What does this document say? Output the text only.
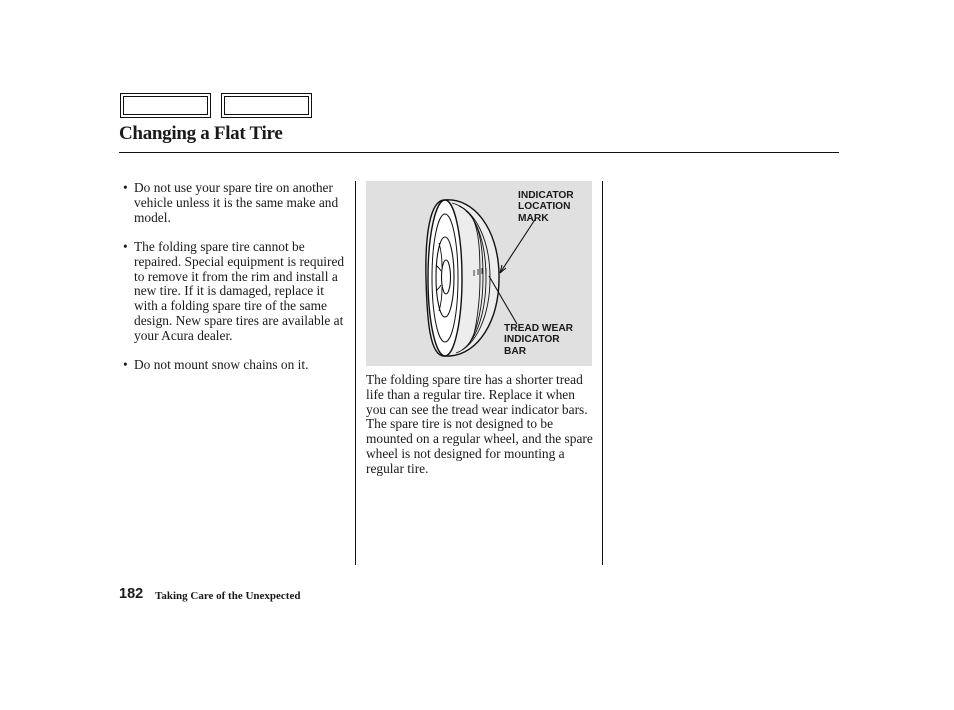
Changing a Flat Tire
• Do not use your spare tire on another vehicle unless it is the same make and model.
• The folding spare tire cannot be repaired. Special equipment is required to remove it from the rim and install a new tire. If it is damaged, replace it with a folding spare tire of the same design. New spare tires are available at your Acura dealer.
• Do not mount snow chains on it.

INDICATOR
LOCATION
MARK

TREAD WEAR
INDICATOR
BAR

The folding spare tire has a shorter tread life than a regular tire. Replace it when you can see the tread wear indicator bars. The spare tire is not designed to be mounted on a regular wheel, and the spare wheel is not designed for mounting a regular tire.

182 Taking Care of the Unexpected
